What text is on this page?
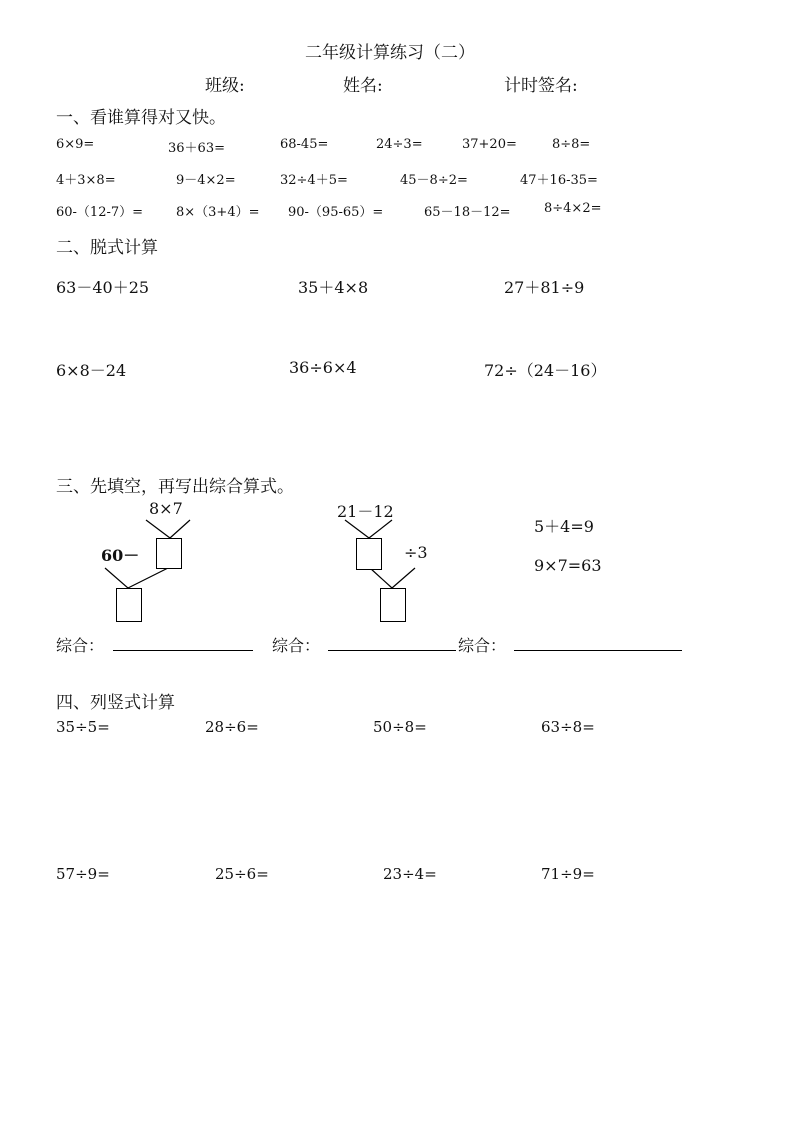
二年级计算练习（二）
班级:	姓名:	计时签名:
一、看谁算得对又快。
6×9=	36＋63=	68-45=	24÷3=	37+20=	8÷8=
4＋3×8=	9－4×2=	32÷4＋5=	45－8÷2=	47＋16-35=
60-（12-7）=	8×（3+4）= 90-（95-65）=	65－18－12=	8÷4×2=
二、脱式计算
63－40＋25	35＋4×8	27＋81÷9
6×8－24	36÷6×4	72÷（24－16）
三、先填空，再写出综合算式。
8×7
60－
21－12
÷3
5＋4=9
9×7=63
综合：	综合：	综合：
四、列竖式计算
35÷5=	28÷6=	50÷8=	63÷8=
57÷9=	25÷6=	23÷4=	71÷9=
